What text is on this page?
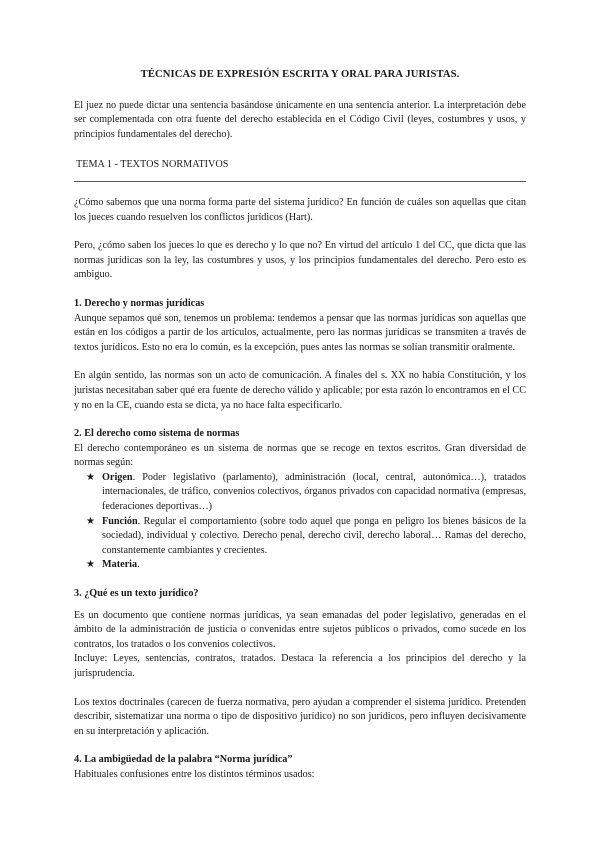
TÉCNICAS DE EXPRESIÓN ESCRITA Y ORAL PARA JURISTAS.

El juez no puede dictar una sentencia basándose únicamente en una sentencia anterior. La interpretación debe ser complementada con otra fuente del derecho establecida en el Código Civil (leyes, costumbres y usos, y principios fundamentales del derecho).

TEMA 1 - TEXTOS NORMATIVOS

¿Cómo sabemos que una norma forma parte del sistema jurídico? En función de cuáles son aquellas que citan los jueces cuando resuelven los conflictos jurídicos (Hart).

Pero, ¿cómo saben los jueces lo que es derecho y lo que no? En virtud del artículo 1 del CC, que dicta que las normas jurídicas son la ley, las costumbres y usos, y los principios fundamentales del derecho. Pero esto es ambiguo.

1. Derecho y normas jurídicas

Aunque sepamos qué son, tenemos un problema: tendemos a pensar que las normas jurídicas son aquellas que están en los códigos a partir de los artículos, actualmente, pero las normas jurídicas se transmiten a través de textos jurídicos. Esto no era lo común, es la excepción, pues antes las normas se solían transmitir oralmente.

En algún sentido, las normas son un acto de comunicación. A finales del s. XX no había Constitución, y los juristas necesitaban saber qué era fuente de derecho válido y aplicable; por esta razón lo encontramos en el CC y no en la CE, cuando esta se dicta, ya no hace falta especificarlo.

2. El derecho como sistema de normas

El derecho contemporáneo es un sistema de normas que se recoge en textos escritos. Gran diversidad de normas según:

★ Origen. Poder legislativo (parlamento), administración (local, central, autonómica…), tratados internacionales, de tráfico, convenios colectivos, órganos privados con capacidad normativa (empresas, federaciones deportivas…)
★ Función. Regular el comportamiento (sobre todo aquel que ponga en peligro los bienes básicos de la sociedad), individual y colectivo. Derecho penal, derecho civil, derecho laboral… Ramas del derecho, constantemente cambiantes y crecientes.
★ Materia.
3. ¿Qué es un texto jurídico?

Es un documento que contiene normas jurídicas, ya sean emanadas del poder legislativo, generadas en el ámbito de la administración de justicia o convenidas entre sujetos públicos o privados, como sucede en los contratos, los tratados o los convenios colectivos.

Incluye: Leyes, sentencias, contratos, tratados. Destaca la referencia a los principios del derecho y la jurisprudencia.

Los textos doctrinales (carecen de fuerza normativa, pero ayudan a comprender el sistema jurídico. Pretenden describir, sistematizar una norma o tipo de dispositivo jurídico) no son jurídicos, pero influyen decisivamente en su interpretación y aplicación.

4. La ambigüedad de la palabra “Norma jurídica”

Habituales confusiones entre los distintos términos usados:
